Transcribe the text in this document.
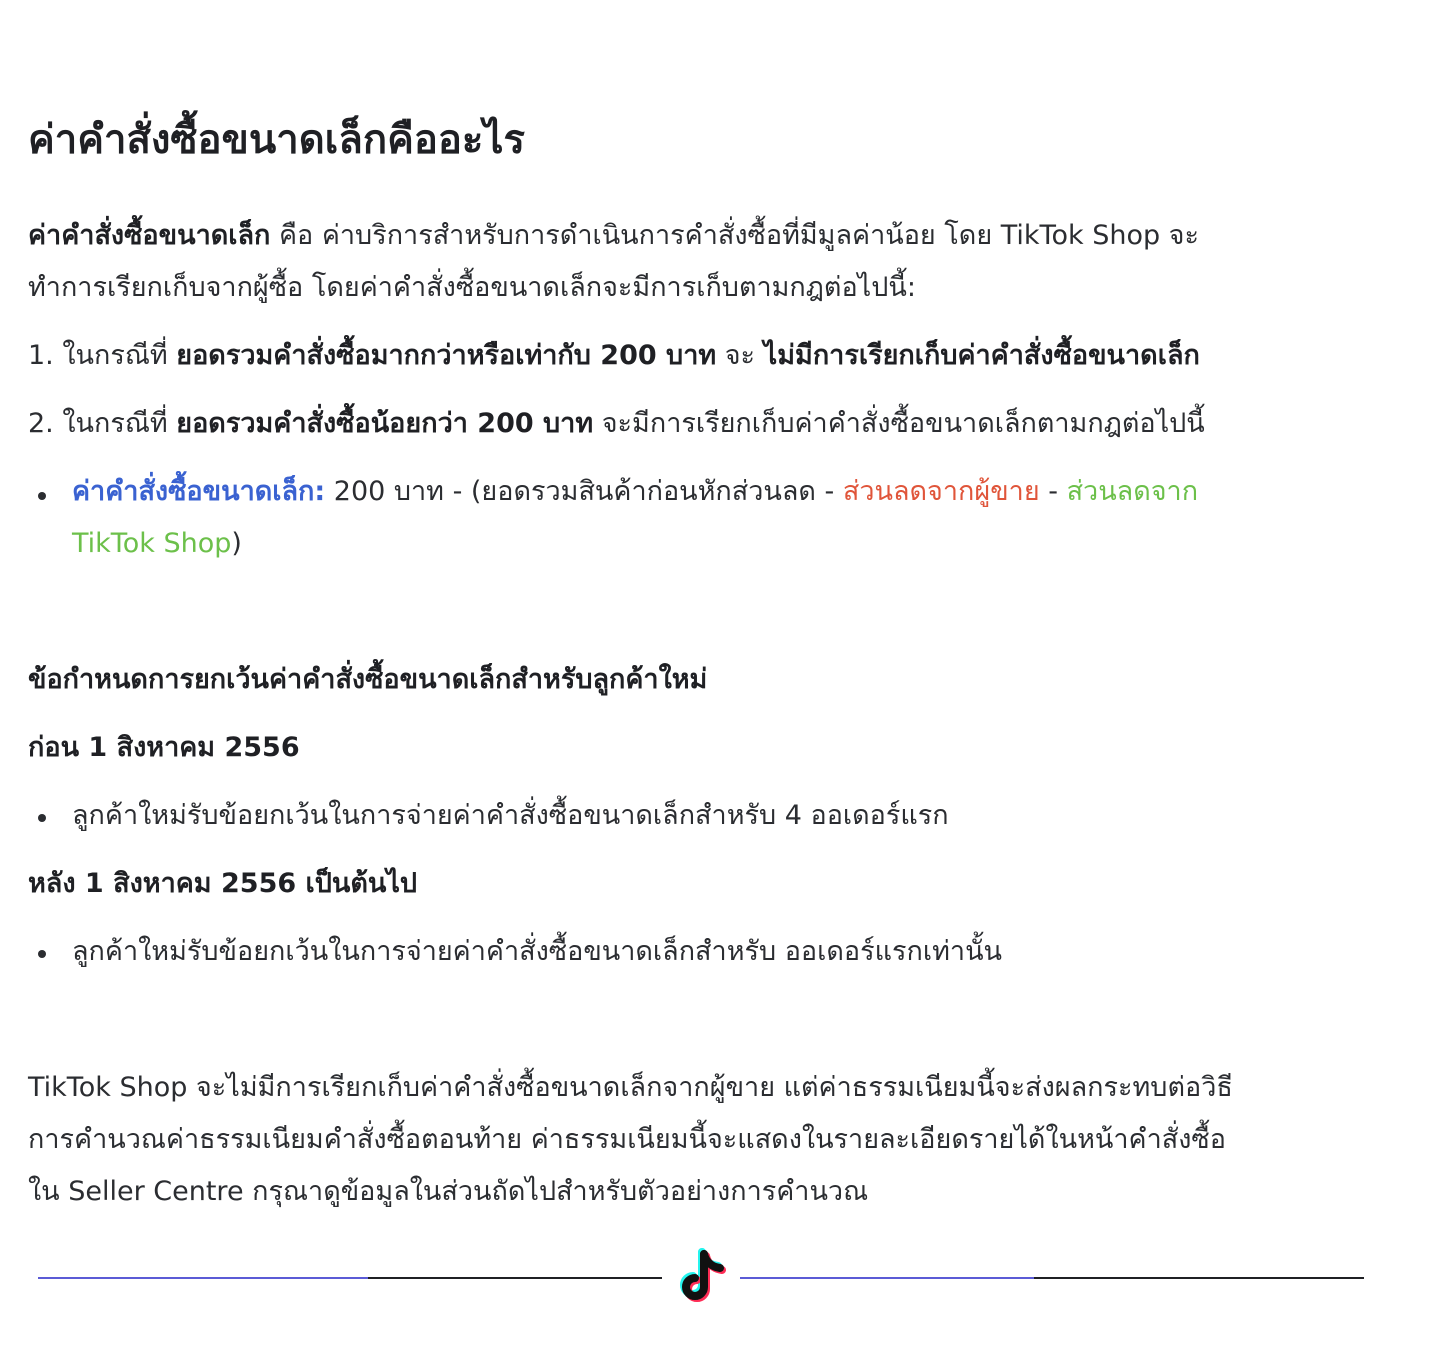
ค่าคำสั่งซื้อขนาดเล็กคืออะไร

ค่าคำสั่งซื้อขนาดเล็ก คือ ค่าบริการสำหรับการดำเนินการคำสั่งซื้อที่มีมูลค่าน้อย โดย TikTok Shop จะ

ทำการเรียกเก็บจากผู้ซื้อ โดยค่าคำสั่งซื้อขนาดเล็กจะมีการเก็บตามกฎต่อไปนี้:

1. ในกรณีที่ ยอดรวมคำสั่งซื้อมากกว่าหรือเท่ากับ 200 บาท จะ ไม่มีการเรียกเก็บค่าคำสั่งซื้อขนาดเล็ก

2. ในกรณีที่ ยอดรวมคำสั่งซื้อน้อยกว่า 200 บาท จะมีการเรียกเก็บค่าคำสั่งซื้อขนาดเล็กตามกฎต่อไปนี้

ค่าคำสั่งซื้อขนาดเล็ก: 200 บาท - (ยอดรวมสินค้าก่อนหักส่วนลด - ส่วนลดจากผู้ขาย - ส่วนลดจาก

TikTok Shop)

ข้อกำหนดการยกเว้นค่าคำสั่งซื้อขนาดเล็กสำหรับลูกค้าใหม่

ก่อน 1 สิงหาคม 2556

ลูกค้าใหม่รับข้อยกเว้นในการจ่ายค่าคำสั่งซื้อขนาดเล็กสำหรับ 4 ออเดอร์แรก

หลัง 1 สิงหาคม 2556 เป็นต้นไป

ลูกค้าใหม่รับข้อยกเว้นในการจ่ายค่าคำสั่งซื้อขนาดเล็กสำหรับ ออเดอร์แรกเท่านั้น

TikTok Shop จะไม่มีการเรียกเก็บค่าคำสั่งซื้อขนาดเล็กจากผู้ขาย แต่ค่าธรรมเนียมนี้จะส่งผลกระทบต่อวิธี

การคำนวณค่าธรรมเนียมคำสั่งซื้อตอนท้าย ค่าธรรมเนียมนี้จะแสดงในรายละเอียดรายได้ในหน้าคำสั่งซื้อ

ใน Seller Centre กรุณาดูข้อมูลในส่วนถัดไปสำหรับตัวอย่างการคำนวณ
